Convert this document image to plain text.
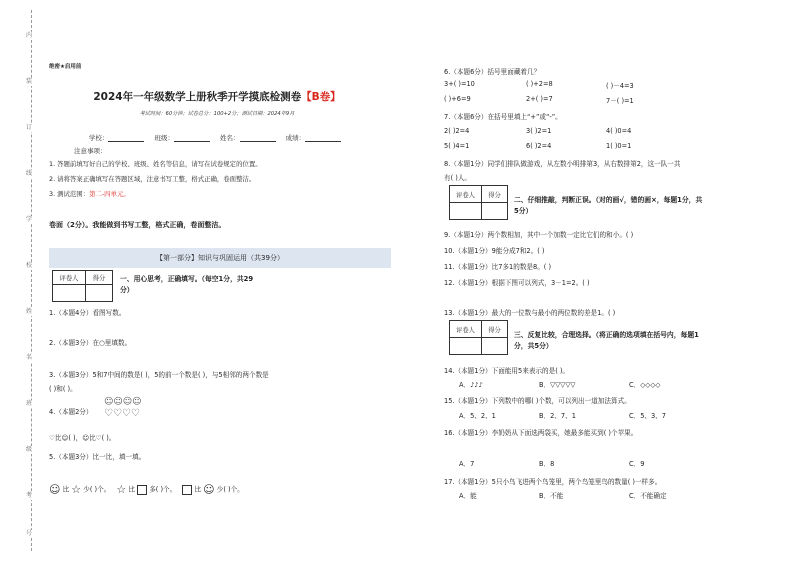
内
装
订
线
学
校
姓
名
班
级
考
号
绝密★启用前
2024年一年级数学上册秋季开学摸底检测卷【B卷】
考试时间：60分钟；试卷总分：100+2分；测试日期：2024年9月
学校：	班级：	姓名：	成绩：
注意事项：
1. 答题前填写好自己的学校、班级、姓名等信息，请写在试卷规定的位置。
2. 请将答案正确填写在答题区域，注意书写工整，格式正确，卷面整洁。
3. 测试范围：第二-四单元。
卷面（2分）。我能做到书写工整，格式正确，卷面整洁。
【第一部分】知识与巩固运用（共39分）
评卷人	得分
	一、用心思考，正确填写。（每空1分，共29
分）
1.（本题4分）看图写数。
2.（本题3分）在○里填数。
3.（本题3分）5和7中间的数是( )，5的前一个数是( )，与5相邻的两个数是
( )和( )。
4.（本题2分）
☺☺☺☺
♡♡♡♡
♡比☺( )，☺比♡( )。
5.（本题3分）比一比，填一填。
☺ 比 ☆ 少( )个。 ☆ 比 多( )个。	比 ☺ 少( )个。
6.（本题6分）括号里面藏着几？
3+( )=10	( )+2=8	( )－4=3
( )+6=9	2+( )=7	7－( )=1
7.（本题6分）在括号里填上“+”或“-”。
2( )2=4	3( )2=1	4( )0=4
5( )4=1	6( )2=4	1( )0=1
8.（本题1分）同学们排队做游戏，从左数小明排第3，从右数排第2，这一队一共
有( )人。
评卷人	得分

二、仔细推敲，判断正误。（对的画√，错的画×，每题1分，共
5分）
9.（本题1分）两个数相加，其中一个加数一定比它们的和小。( )
10.（本题1分）9能分成7和2。( )
11.（本题1分）比7多1的数是8。( )
12.（本题1分）根据下图可以列式，3－1=2。( )
13.（本题1分）最大的一位数与最小的两位数的差是1。( )
评卷人	得分

三、反复比较，合理选择。（将正确的选项填在括号内，每题1
分，共5分）
14.（本题1分）下面能用5来表示的是( )。
A．♪♪♪	B．▽▽▽▽▽	C．◇◇◇◇
15.（本题1分）下列数中的哪( )个数，可以列出一道加法算式。
A．5、2、1	B．2、7、1	C．5、3、7
16.（本题1分）李奶奶从下面选两袋买，她最多能买到( )个苹果。
A．7	B．8	C．9
17.（本题1分）5只小鸟飞进两个鸟笼里，两个鸟笼里鸟的数量( )一样多。
A．能	B．不能	C．不能确定
